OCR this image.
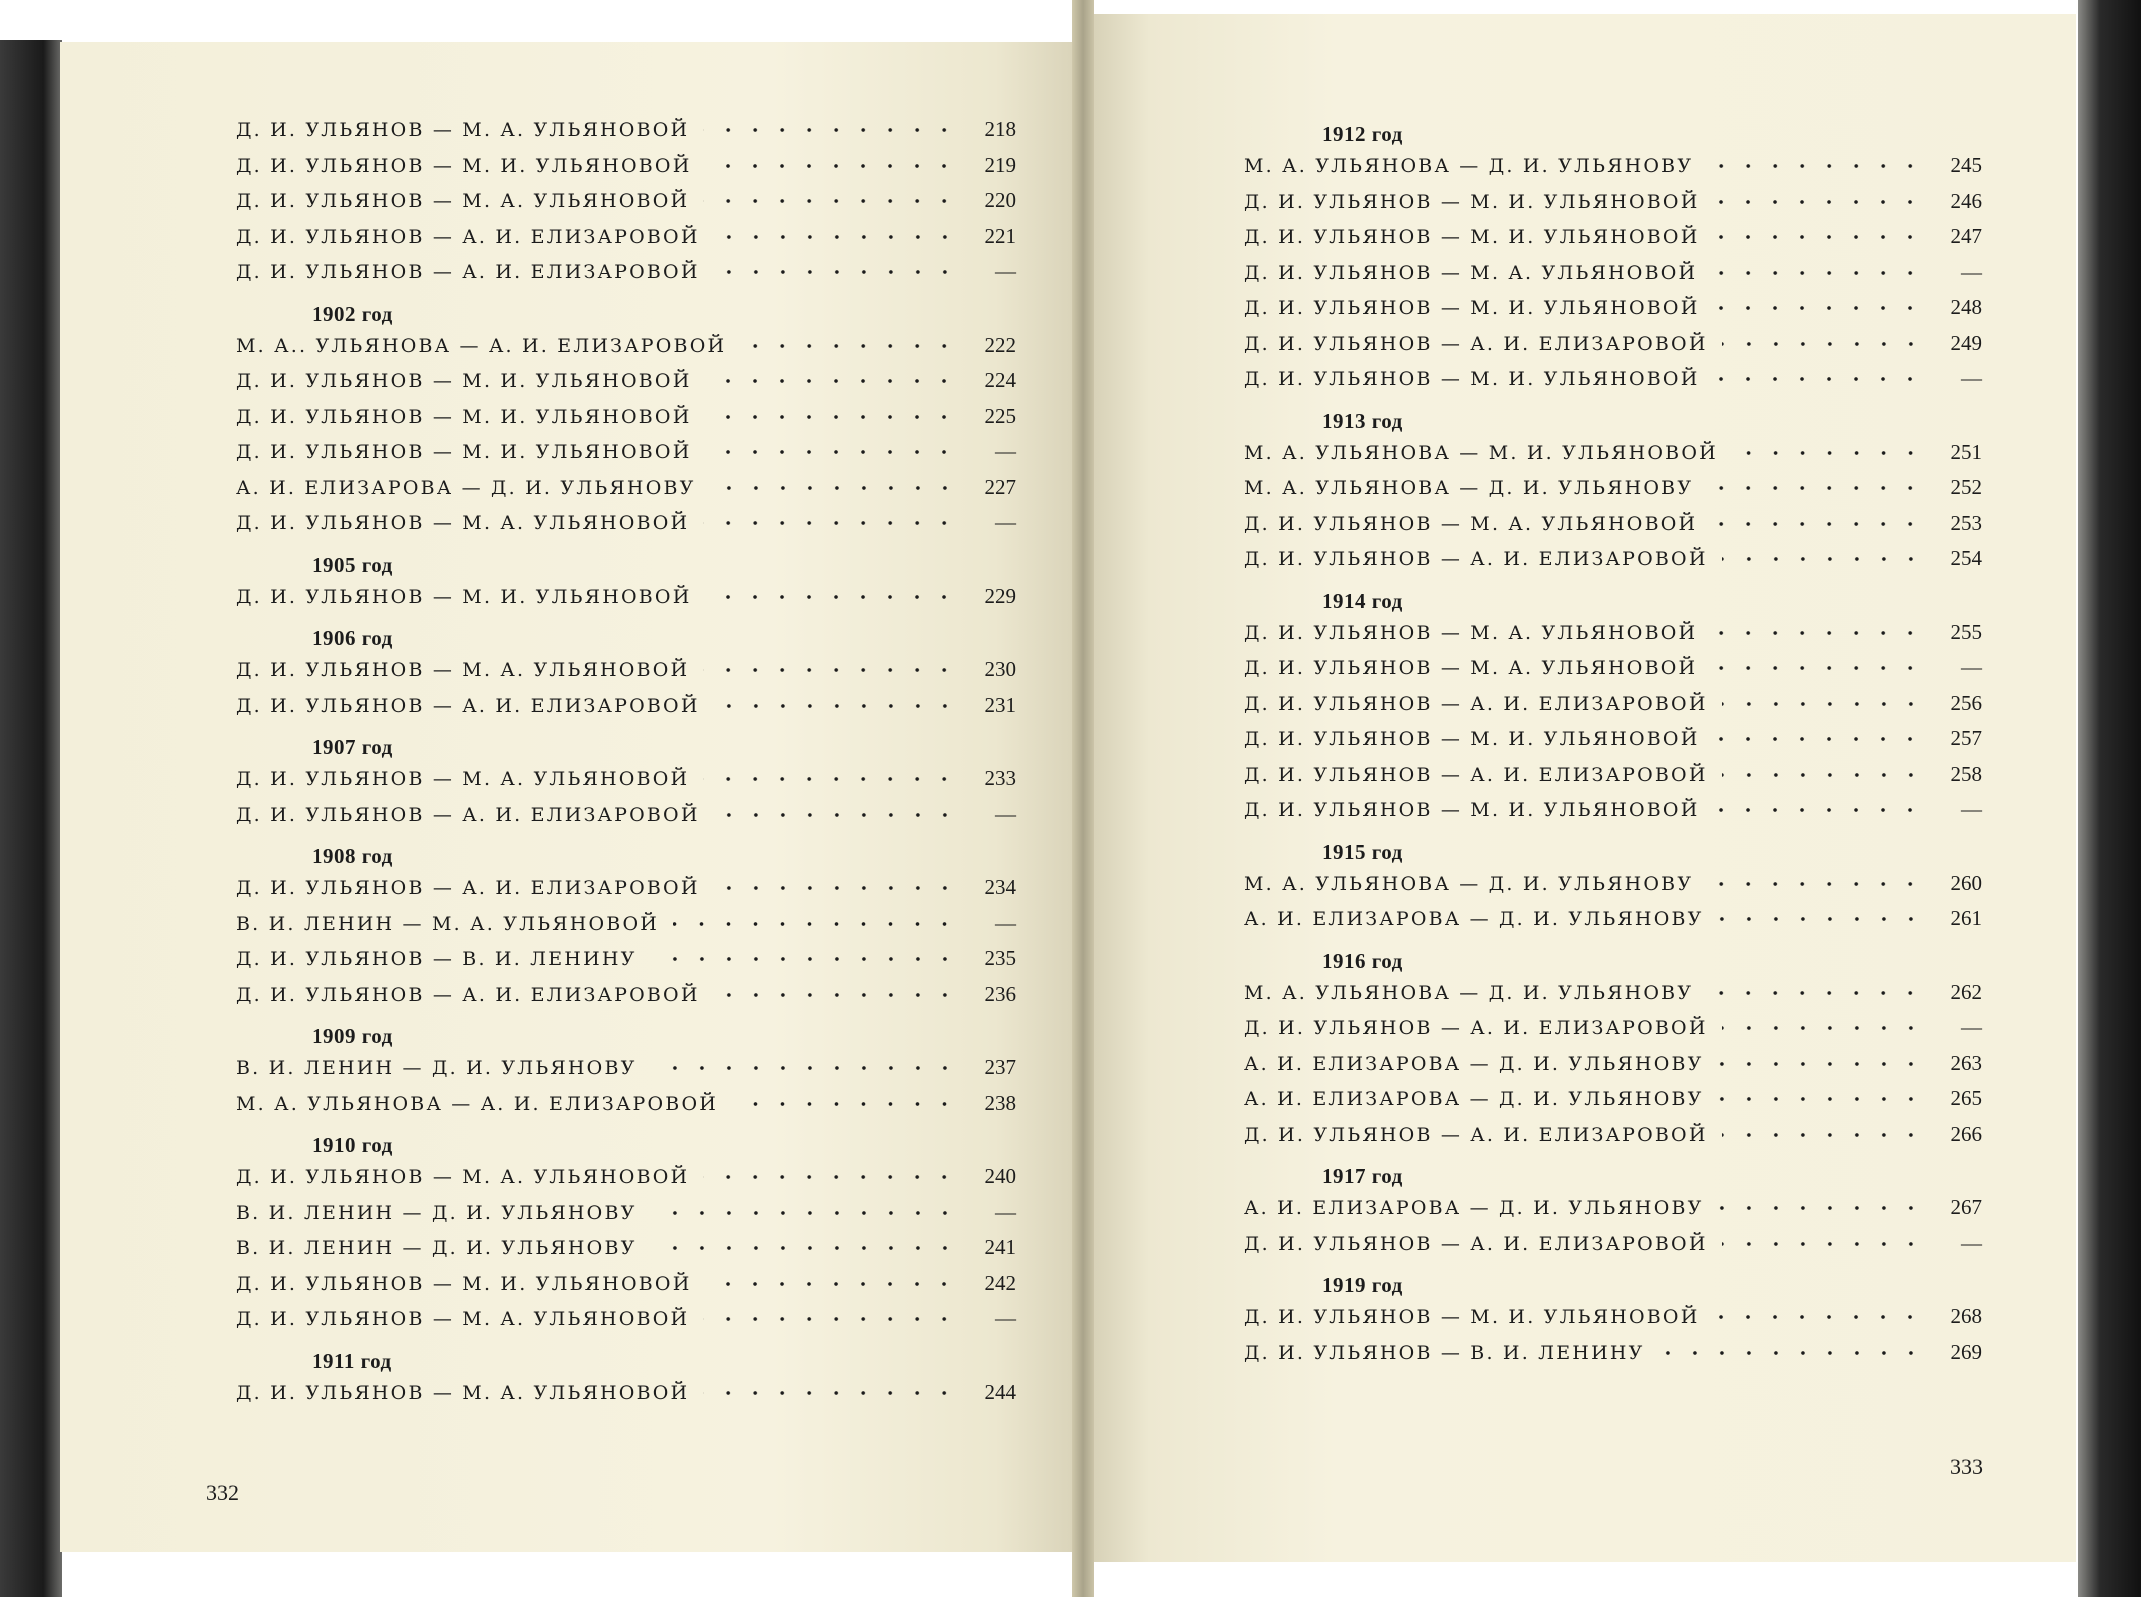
Д. И. УЛЬЯНОВ — М. А. УЛЬЯНОВОЙ	218
Д. И. УЛЬЯНОВ — М. И. УЛЬЯНОВОЙ	219
Д. И. УЛЬЯНОВ — М. А. УЛЬЯНОВОЙ	220
Д. И. УЛЬЯНОВ — А. И. ЕЛИЗАРОВОЙ	221
Д. И. УЛЬЯНОВ — А. И. ЕЛИЗАРОВОЙ	—
1902 год
М. А.. УЛЬЯНОВА — А. И. ЕЛИЗАРОВОЙ	222
Д. И. УЛЬЯНОВ — М. И. УЛЬЯНОВОЙ	224
Д. И. УЛЬЯНОВ — М. И. УЛЬЯНОВОЙ	225
Д. И. УЛЬЯНОВ — М. И. УЛЬЯНОВОЙ	—
А. И. ЕЛИЗАРОВА — Д. И. УЛЬЯНОВУ	227
Д. И. УЛЬЯНОВ — М. А. УЛЬЯНОВОЙ	—
1905 год
Д. И. УЛЬЯНОВ — М. И. УЛЬЯНОВОЙ	229
1906 год
Д. И. УЛЬЯНОВ — М. А. УЛЬЯНОВОЙ	230
Д. И. УЛЬЯНОВ — А. И. ЕЛИЗАРОВОЙ	231
1907 год
Д. И. УЛЬЯНОВ — М. А. УЛЬЯНОВОЙ	233
Д. И. УЛЬЯНОВ — А. И. ЕЛИЗАРОВОЙ	—
1908 год
Д. И. УЛЬЯНОВ — А. И. ЕЛИЗАРОВОЙ	234
В. И. ЛЕНИН — М. А. УЛЬЯНОВОЙ	—
Д. И. УЛЬЯНОВ — В. И. ЛЕНИНУ	235
Д. И. УЛЬЯНОВ — А. И. ЕЛИЗАРОВОЙ	236
1909 год
В. И. ЛЕНИН — Д. И. УЛЬЯНОВУ	237
М. А. УЛЬЯНОВА — А. И. ЕЛИЗАРОВОЙ	238
1910 год
Д. И. УЛЬЯНОВ — М. А. УЛЬЯНОВОЙ	240
В. И. ЛЕНИН — Д. И. УЛЬЯНОВУ	—
В. И. ЛЕНИН — Д. И. УЛЬЯНОВУ	241
Д. И. УЛЬЯНОВ — М. И. УЛЬЯНОВОЙ	242
Д. И. УЛЬЯНОВ — М. А. УЛЬЯНОВОЙ	—
1911 год
Д. И. УЛЬЯНОВ — М. А. УЛЬЯНОВОЙ	244
1912 год
М. А. УЛЬЯНОВА — Д. И. УЛЬЯНОВУ	245
Д. И. УЛЬЯНОВ — М. И. УЛЬЯНОВОЙ	246
Д. И. УЛЬЯНОВ — М. И. УЛЬЯНОВОЙ	247
Д. И. УЛЬЯНОВ — М. А. УЛЬЯНОВОЙ	—
Д. И. УЛЬЯНОВ — М. И. УЛЬЯНОВОЙ	248
Д. И. УЛЬЯНОВ — А. И. ЕЛИЗАРОВОЙ	249
Д. И. УЛЬЯНОВ — М. И. УЛЬЯНОВОЙ	—
1913 год
М. А. УЛЬЯНОВА — М. И. УЛЬЯНОВОЙ	251
М. А. УЛЬЯНОВА — Д. И. УЛЬЯНОВУ	252
Д. И. УЛЬЯНОВ — М. А. УЛЬЯНОВОЙ	253
Д. И. УЛЬЯНОВ — А. И. ЕЛИЗАРОВОЙ	254
1914 год
Д. И. УЛЬЯНОВ — М. А. УЛЬЯНОВОЙ	255
Д. И. УЛЬЯНОВ — М. А. УЛЬЯНОВОЙ	—
Д. И. УЛЬЯНОВ — А. И. ЕЛИЗАРОВОЙ	256
Д. И. УЛЬЯНОВ — М. И. УЛЬЯНОВОЙ	257
Д. И. УЛЬЯНОВ — А. И. ЕЛИЗАРОВОЙ	258
Д. И. УЛЬЯНОВ — М. И. УЛЬЯНОВОЙ	—
1915 год
М. А. УЛЬЯНОВА — Д. И. УЛЬЯНОВУ	260
А. И. ЕЛИЗАРОВА — Д. И. УЛЬЯНОВУ	261
1916 год
М. А. УЛЬЯНОВА — Д. И. УЛЬЯНОВУ	262
Д. И. УЛЬЯНОВ — А. И. ЕЛИЗАРОВОЙ	—
А. И. ЕЛИЗАРОВА — Д. И. УЛЬЯНОВУ	263
А. И. ЕЛИЗАРОВА — Д. И. УЛЬЯНОВУ	265
Д. И. УЛЬЯНОВ — А. И. ЕЛИЗАРОВОЙ	266
1917 год
А. И. ЕЛИЗАРОВА — Д. И. УЛЬЯНОВУ	267
Д. И. УЛЬЯНОВ — А. И. ЕЛИЗАРОВОЙ	—
1919 год
Д. И. УЛЬЯНОВ — М. И. УЛЬЯНОВОЙ	268
Д. И. УЛЬЯНОВ — В. И. ЛЕНИНУ	269
332
333
